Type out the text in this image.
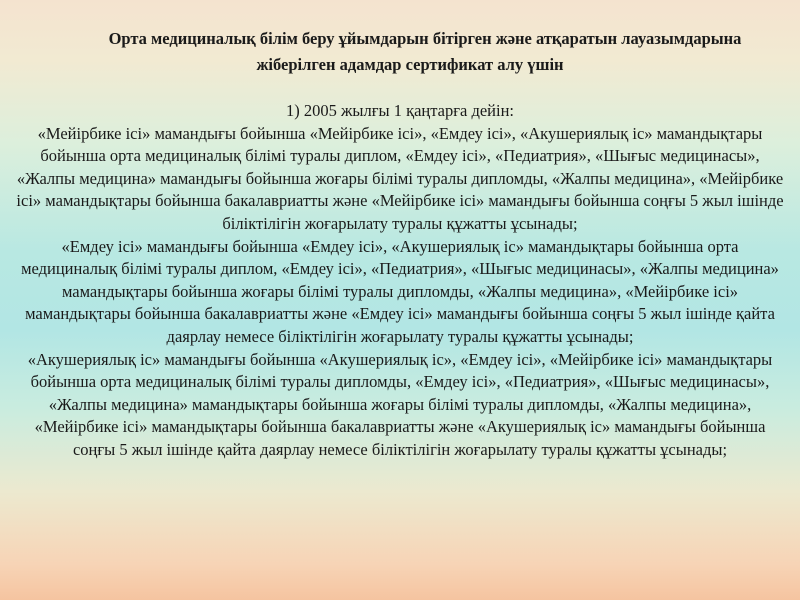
Орта медициналық білім беру ұйымдарын бітірген және атқаратын лауазымдарына жіберілген адамдар сертификат алу үшін

1) 2005 жылғы 1 қаңтарға дейін:

«Мейірбике ісі» мамандығы бойынша «Мейірбике ісі», «Емдеу ісі», «Акушериялық іс» мамандықтары бойынша орта медициналық білімі туралы диплом, «Емдеу ісі», «Педиатрия», «Шығыс медицинасы», «Жалпы медицина» мамандығы бойынша жоғары білімі туралы дипломды, «Жалпы медицина», «Мейірбике ісі» мамандықтары бойынша бакалавриатты және «Мейірбике ісі» мамандығы бойынша соңғы 5 жыл ішінде біліктілігін жоғарылату туралы құжатты ұсынады;

«Емдеу ісі» мамандығы бойынша «Емдеу ісі», «Акушериялық іс» мамандықтары бойынша орта медициналық білімі туралы диплом, «Емдеу ісі», «Педиатрия», «Шығыс медицинасы», «Жалпы медицина» мамандықтары бойынша жоғары білімі туралы дипломды, «Жалпы медицина», «Мейірбике ісі» мамандықтары бойынша бакалавриатты және «Емдеу ісі» мамандығы бойынша соңғы 5 жыл ішінде қайта даярлау немесе біліктілігін жоғарылату туралы құжатты ұсынады;

«Акушериялық іс» мамандығы бойынша «Акушериялық іс», «Емдеу ісі», «Мейірбике ісі» мамандықтары бойынша орта медициналық білімі туралы дипломды, «Емдеу ісі», «Педиатрия», «Шығыс медицинасы», «Жалпы медицина» мамандықтары бойынша жоғары білімі туралы дипломды, «Жалпы медицина», «Мейірбике ісі» мамандықтары бойынша бакалавриатты және «Акушериялық іс» мамандығы бойынша соңғы 5 жыл ішінде қайта даярлау немесе біліктілігін жоғарылату туралы құжатты ұсынады;
